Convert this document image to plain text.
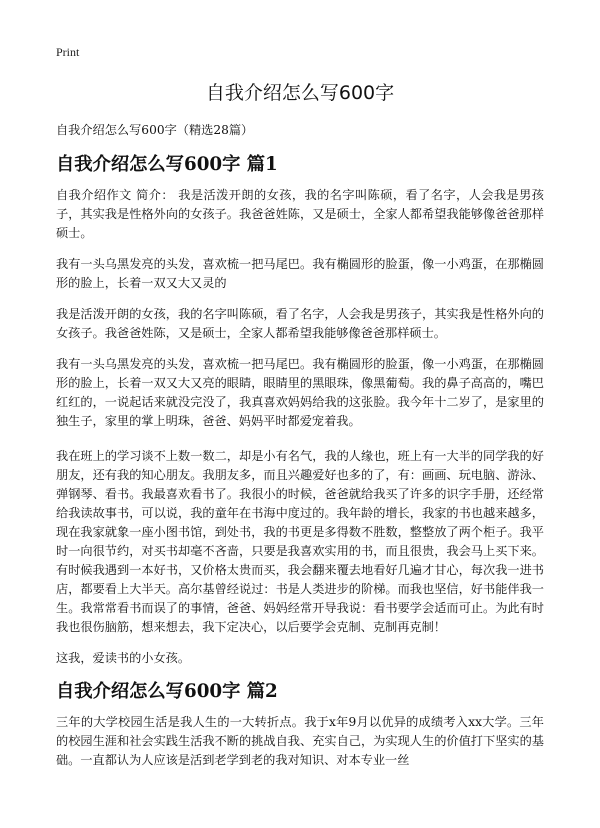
Print
自我介绍怎么写600字

自我介绍怎么写600字（精选28篇）

自我介绍怎么写600字 篇1

自我介绍作文 简介： 我是活泼开朗的女孩，我的名字叫陈硕，看了名字，人会我是男孩子，其实我是性格外向的女孩子。我爸爸姓陈，又是硕士，全家人都希望我能够像爸爸那样硕士。

我有一头乌黑发亮的头发，喜欢梳一把马尾巴。我有椭圆形的脸蛋，像一小鸡蛋，在那椭圆形的脸上，长着一双又大又灵的

我是活泼开朗的女孩，我的名字叫陈硕，看了名字，人会我是男孩子，其实我是性格外向的女孩子。我爸爸姓陈，又是硕士，全家人都希望我能够像爸爸那样硕士。

我有一头乌黑发亮的头发，喜欢梳一把马尾巴。我有椭圆形的脸蛋，像一小鸡蛋，在那椭圆形的脸上，长着一双又大又亮的眼睛，眼睛里的黑眼珠，像黑葡萄。我的鼻子高高的，嘴巴红红的，一说起话来就没完没了，我真喜欢妈妈给我的这张脸。我今年十二岁了，是家里的独生子，家里的掌上明珠，爸爸、妈妈平时都爱宠着我。

我在班上的学习谈不上数一数二，却是小有名气，我的人缘也，班上有一大半的同学我的好朋友，还有我的知心朋友。我朋友多，而且兴趣爱好也多的了，有：画画、玩电脑、游泳、弹钢琴、看书。我最喜欢看书了。我很小的时候，爸爸就给我买了许多的识字手册，还经常给我读故事书，可以说，我的童年在书海中度过的。我年龄的增长，我家的书也越来越多，现在我家就象一座小图书馆，到处书，我的书更是多得数不胜数，整整放了两个柜子。我平时一向很节约，对买书却毫不吝啬，只要是我喜欢实用的书，而且很贵，我会马上买下来。有时候我遇到一本好书，又价格太贵而买，我会翻来覆去地看好几遍才甘心，每次我一进书店，都要看上大半天。高尔基曾经说过：书是人类进步的阶梯。而我也坚信，好书能伴我一生。我常常看书而误了的事情，爸爸、妈妈经常开导我说：看书要学会适而可止。为此有时我也很伤脑筋，想来想去，我下定决心，以后要学会克制、克制再克制！

这我，爱读书的小女孩。

自我介绍怎么写600字 篇2

三年的大学校园生活是我人生的一大转折点。我于x年9月以优异的成绩考入xx大学。三年的校园生涯和社会实践生活我不断的挑战自我、充实自己，为实现人生的价值打下坚实的基础。一直都认为人应该是活到老学到老的我对知识、对本专业一丝
